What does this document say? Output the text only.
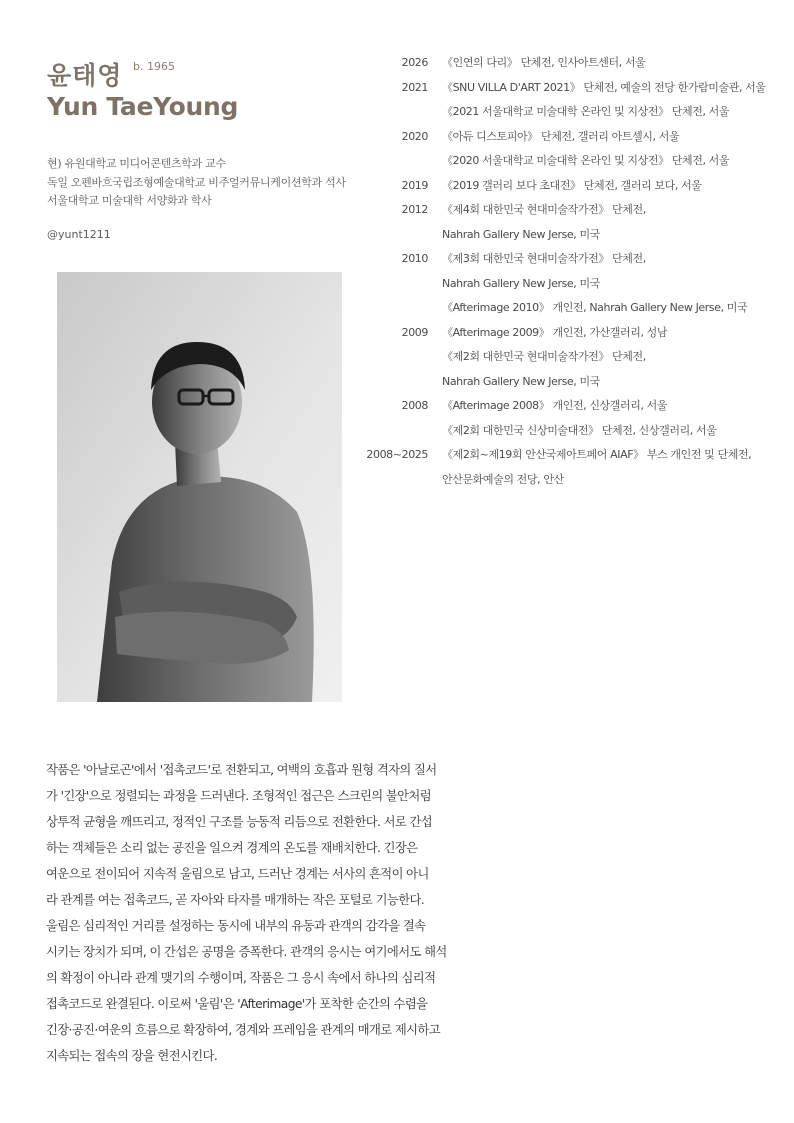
윤태영 b. 1965
Yun TaeYoung
현) 유원대학교 미디어콘텐츠학과 교수
독일 오펜바흐국립조형예술대학교 비주얼커뮤니케이션학과 석사
서울대학교 미술대학 서양화과 학사
@yunt1211
2026 《인연의 다리》 단체전, 인사아트센터, 서울
2021 《SNU VILLA D'ART 2021》 단체전, 예술의 전당 한가람미술관, 서울
《2021 서울대학교 미술대학 온라인 및 지상전》 단체전, 서울
2020 《아듀 디스토피아》 단체전, 갤러리 아트셀시, 서울
《2020 서울대학교 미술대학 온라인 및 지상전》 단체전, 서울
2019 《2019 갤러리 보다 초대전》 단체전, 갤러리 보다, 서울
2012 《제4회 대한민국 현대미술작가전》 단체전,
Nahrah Gallery New Jerse, 미국
2010 《제3회 대한민국 현대미술작가전》 단체전,
Nahrah Gallery New Jerse, 미국
《Afterimage 2010》 개인전, Nahrah Gallery New Jerse, 미국
2009 《Afterimage 2009》 개인전, 가산갤러리, 성남
《제2회 대한민국 현대미술작가전》 단체전,
Nahrah Gallery New Jerse, 미국
2008 《Afterimage 2008》 개인전, 신상갤러리, 서울
《제2회 대한민국 신상미술대전》 단체전, 신상갤러리, 서울
2008~2025 《제2회~제19회 안산국제아트페어 AIAF》 부스 개인전 및 단체전,
안산문화예술의 전당, 안산
작품은 '아날로곤'에서 '접촉코드'로 전환되고, 여백의 호흡과 원형 격자의 질서
가 '긴장'으로 정렬되는 과정을 드러낸다. 조형적인 접근은 스크린의 불안처럼
상투적 균형을 깨뜨리고, 정적인 구조를 능동적 리듬으로 전환한다. 서로 간섭
하는 객체들은 소리 없는 공진을 일으켜 경계의 온도를 재배치한다. 긴장은
여운으로 전이되어 지속적 울림으로 남고, 드러난 경계는 서사의 흔적이 아니
라 관계를 여는 접촉코드, 곧 자아와 타자를 매개하는 작은 포털로 기능한다.
울림은 심리적인 거리를 설정하는 동시에 내부의 유동과 관객의 감각을 결속
시키는 장치가 되며, 이 간섭은 공명을 증폭한다. 관객의 응시는 여기에서도 해석
의 확정이 아니라 관계 맺기의 수행이며, 작품은 그 응시 속에서 하나의 심리적
접촉코드로 완결된다. 이로써 '울림'은 'Afterimage'가 포착한 순간의 수렴을
긴장·공진·여운의 흐름으로 확장하여, 경계와 프레임을 관계의 매개로 제시하고
지속되는 접속의 장을 현전시킨다.
